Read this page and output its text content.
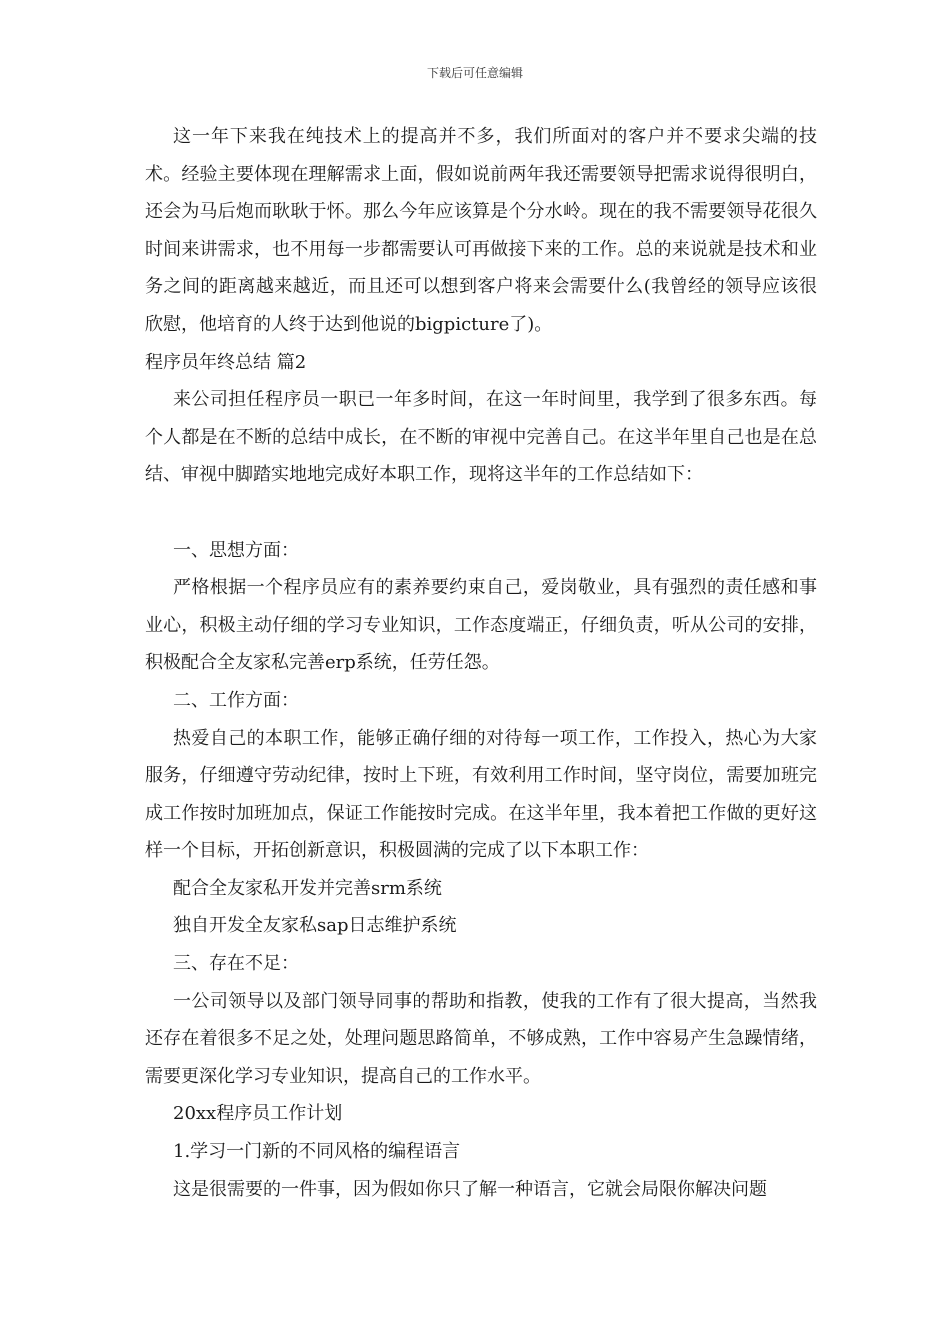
下载后可任意编辑

这一年下来我在纯技术上的提高并不多，我们所面对的客户并不要求尖端的技术。经验主要体现在理解需求上面，假如说前两年我还需要领导把需求说得很明白，还会为马后炮而耿耿于怀。那么今年应该算是个分水岭。现在的我不需要领导花很久时间来讲需求，也不用每一步都需要认可再做接下来的工作。总的来说就是技术和业务之间的距离越来越近，而且还可以想到客户将来会需要什么(我曾经的领导应该很欣慰，他培育的人终于达到他说的bigpicture了)。

程序员年终总结 篇2

来公司担任程序员一职已一年多时间，在这一年时间里，我学到了很多东西。每个人都是在不断的总结中成长，在不断的审视中完善自己。在这半年里自己也是在总结、审视中脚踏实地地完成好本职工作，现将这半年的工作总结如下：

一、思想方面：

严格根据一个程序员应有的素养要约束自己，爱岗敬业，具有强烈的责任感和事业心，积极主动仔细的学习专业知识，工作态度端正，仔细负责，听从公司的安排，积极配合全友家私完善erp系统，任劳任怨。

二、工作方面：

热爱自己的本职工作，能够正确仔细的对待每一项工作，工作投入，热心为大家服务，仔细遵守劳动纪律，按时上下班，有效利用工作时间，坚守岗位，需要加班完成工作按时加班加点，保证工作能按时完成。在这半年里，我本着把工作做的更好这样一个目标，开拓创新意识，积极圆满的完成了以下本职工作：

配合全友家私开发并完善srm系统

独自开发全友家私sap日志维护系统

三、存在不足：

一公司领导以及部门领导同事的帮助和指教，使我的工作有了很大提高，当然我还存在着很多不足之处，处理问题思路简单，不够成熟，工作中容易产生急躁情绪，需要更深化学习专业知识，提高自己的工作水平。

20xx程序员工作计划

1.学习一门新的不同风格的编程语言

这是很需要的一件事，因为假如你只了解一种语言，它就会局限你解决问题
